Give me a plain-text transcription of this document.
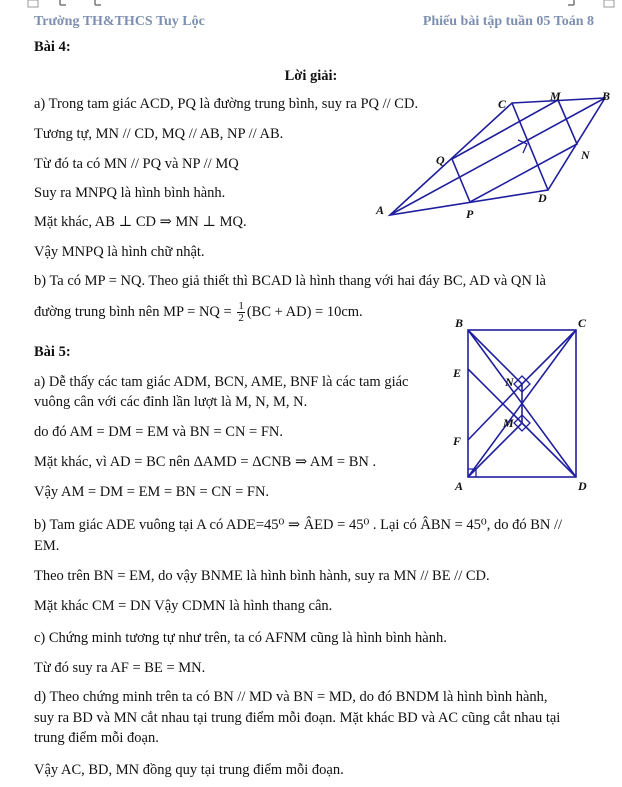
Trường TH&THCS Tuy Lộc	Phiếu bài tập tuần 05 Toán 8
Bài 4:
Lời giải:
a) Trong tam giác ACD, PQ là đường trung bình, suy ra PQ // CD.
Tương tự, MN // CD, MQ // AB, NP // AB.
Từ đó ta có MN // PQ và NP // MQ
Suy ra MNPQ là hình bình hành.
Mặt khác, AB ⊥ CD ⇒ MN ⊥ MQ.
Vậy MNPQ là hình chữ nhật.
b) Ta có MP = NQ. Theo giả thiết thì BCAD là hình thang với hai đáy BC, AD và QN là
đường trung bình nên MP = NQ = $\frac{1}{2} (BC + AD) = 10cm$.
A
B
C
D
M
N
P
Q
Bài 5:
a) Dễ thấy các tam giác ADM, BCN, AME, BNF là các tam giác
vuông cân với các đỉnh lần lượt là M, N, M, N.
do đó AM = DM = EM và BN = CN = FN.
Mặt khác, vì AD = BC nên ΔAMD = ΔCNB ⇒ AM = BN .
Vậy AM = DM = EM = BN = CN = FN.
b) Tam giác ADE vuông tại A có ADE=45⁰ ⇒ ÂED = 45⁰ . Lại có ÂBN = 45⁰, do đó BN //
EM.
Theo trên BN = EM, do vậy BNME là hình bình hành, suy ra MN // BE // CD.
Mặt khác CM = DN Vậy CDMN là hình thang cân.
c) Chứng minh tương tự như trên, ta có AFNM cũng là hình bình hành.
Từ đó suy ra AF = BE = MN.
d) Theo chứng minh trên ta có BN // MD và BN = MD, do đó BNDM là hình bình hành,
suy ra BD và MN cắt nhau tại trung điểm mỗi đoạn. Mặt khác BD và AC cũng cắt nhau tại
trung điểm mỗi đoạn.
Vậy AC, BD, MN đồng quy tại trung điểm mỗi đoạn.
B	C
A	D
E
F
N
M
